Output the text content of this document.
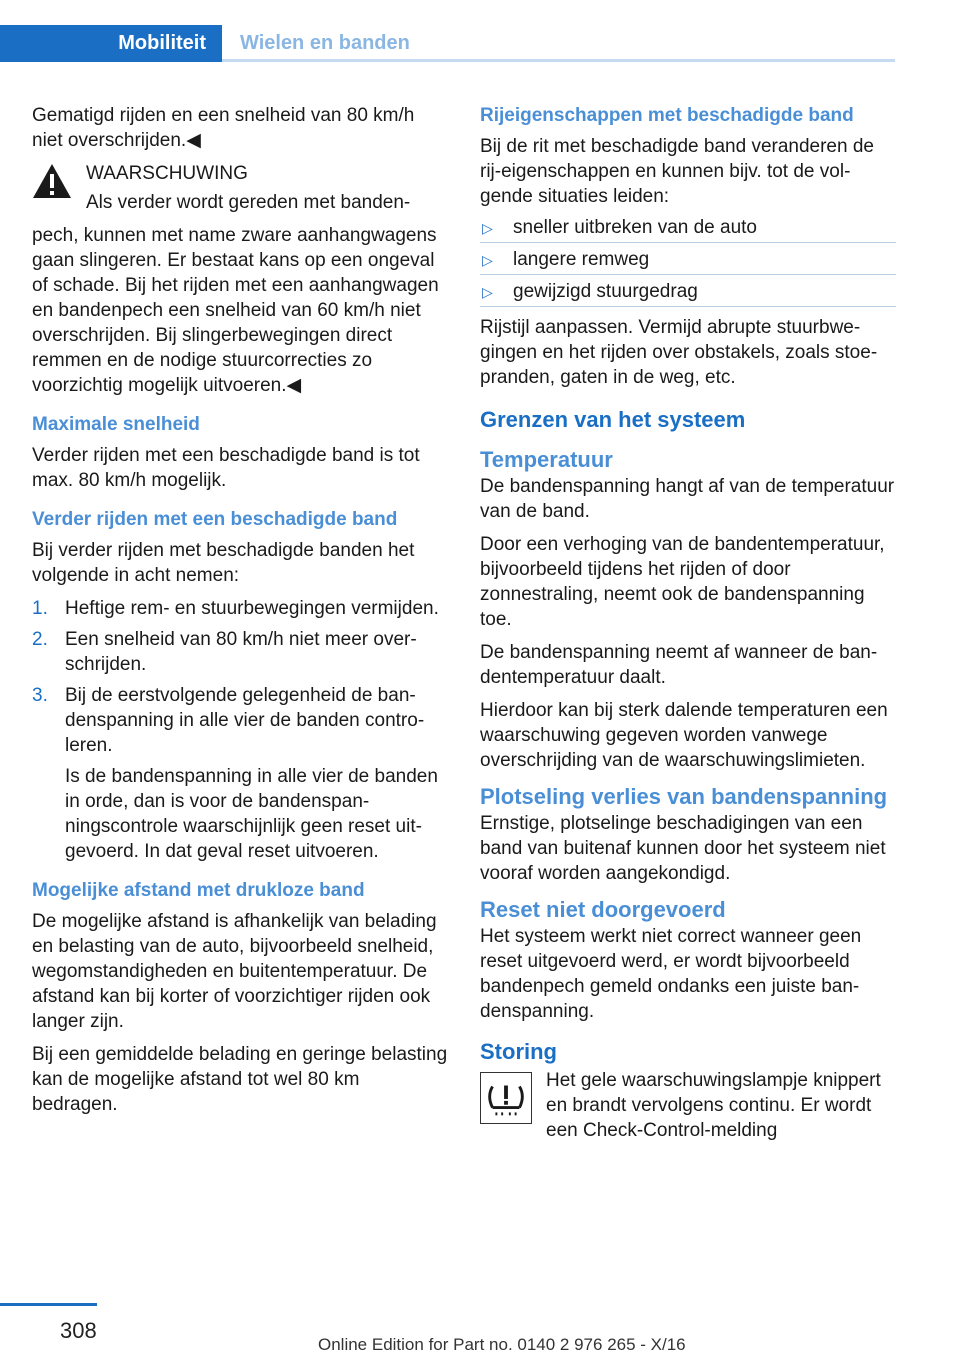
Mobiliteit	Wielen en banden

Gematigd rijden en een snelheid van 80 km/h niet overschrijden.◀

WAARSCHUWING

Als verder wordt gereden met banden-

pech, kunnen met name zware aanhangwagens gaan slingeren. Er bestaat kans op een ongeval of schade. Bij het rijden met een aanhangwagen en bandenpech een snelheid van 60 km/h niet overschrijden. Bij slingerbewegingen direct remmen en de nodige stuurcorrecties zo voorzichtig mogelijk uitvoeren.◀

Maximale snelheid

Verder rijden met een beschadigde band is tot max. 80 km/h mogelijk.

Verder rijden met een beschadigde band

Bij verder rijden met beschadigde banden het volgende in acht nemen:

1. Heftige rem- en stuurbewegingen vermijden.
2. Een snelheid van 80 km/h niet meer overschrijden.
3. Bij de eerstvolgende gelegenheid de bandenspanning in alle vier de banden controleren.

Is de bandenspanning in alle vier de banden in orde, dan is voor de bandenspanningscontrole waarschijnlijk geen reset uitgevoerd. In dat geval reset uitvoeren.

Mogelijke afstand met drukloze band

De mogelijke afstand is afhankelijk van belading en belasting van de auto, bijvoorbeeld snelheid, wegomstandigheden en buitentemperatuur. De afstand kan bij korter of voorzichtiger rijden ook langer zijn.

Bij een gemiddelde belading en geringe belasting kan de mogelijke afstand tot wel 80 km bedragen.

Rijeigenschappen met beschadigde band

Bij de rit met beschadigde band veranderen de rij-eigenschappen en kunnen bijv. tot de volgende situaties leiden:

▷ sneller uitbreken van de auto
▷ langere remweg
▷ gewijzigd stuurgedrag

Rijstijl aanpassen. Vermijd abrupte stuurbwegingen en het rijden over obstakels, zoals stoepranden, gaten in de weg, etc.

Grenzen van het systeem
Temperatuur

De bandenspanning hangt af van de temperatuur van de band.

Door een verhoging van de bandentemperatuur, bijvoorbeeld tijdens het rijden of door zonnestraling, neemt ook de bandenspanning toe.

De bandenspanning neemt af wanneer de bandentemperatuur daalt.

Hierdoor kan bij sterk dalende temperaturen een waarschuwing gegeven worden vanwege overschrijding van de waarschuwingslimieten.

Plotseling verlies van bandenspanning

Ernstige, plotselinge beschadigingen van een band van buitenaf kunnen door het systeem niet vooraf worden aangekondigd.

Reset niet doorgevoerd

Het systeem werkt niet correct wanneer geen reset uitgevoerd werd, er wordt bijvoorbeeld bandenpech gemeld ondanks een juiste bandenspanning.

Storing

Het gele waarschuwingslampje knippert en brandt vervolgens continu. Er wordt een Check-Control-melding

308
Online Edition for Part no. 0140 2 976 265 - X/16
